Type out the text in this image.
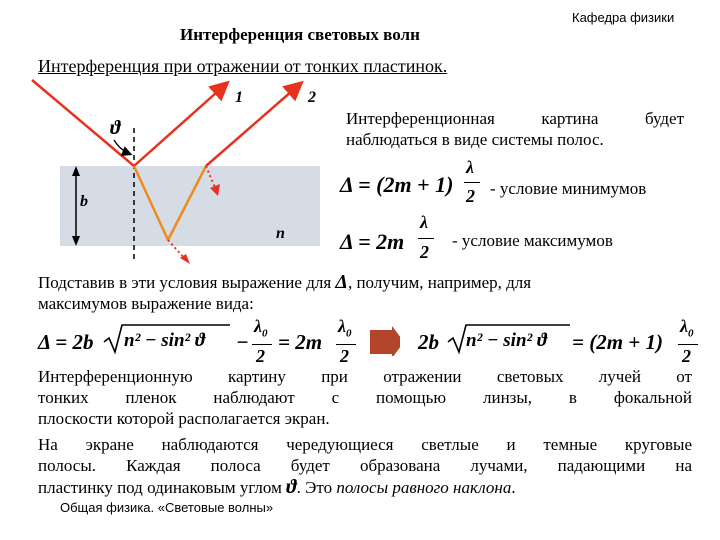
Кафедра физики
Интерференция световых волн
Интерференция при отражении от тонких пластинок.
b
ϑ
1	2
n
Интерференционная картина будет
наблюдаться в виде системы полос.
Δ = (2m + 1)
λ
2 - условие минимумов
Δ = 2m
λ
2
- условие максимумов
Подставив в эти условия выражение для Δ, получим, например, для
максимумов выражение вида:
Δ = 2b n² − sin² ϑ −
$\lambda_0$
2
= 2m
$\lambda_0$
2
2b n² − sin² ϑ = (2m + 1)
$\lambda_0$
2
Интерференционную картину при отражении световых лучей от
тонких пленок наблюдают с помощью линзы, в фокальной
плоскости которой располагается экран.
На экране наблюдаются чередующиеся светлые и темные круговые
полосы. Каждая полоса будет образована лучами, падающими на
пластинку под одинаковым углом ϑ. Это полосы равного наклона.
Общая физика. «Световые волны»
